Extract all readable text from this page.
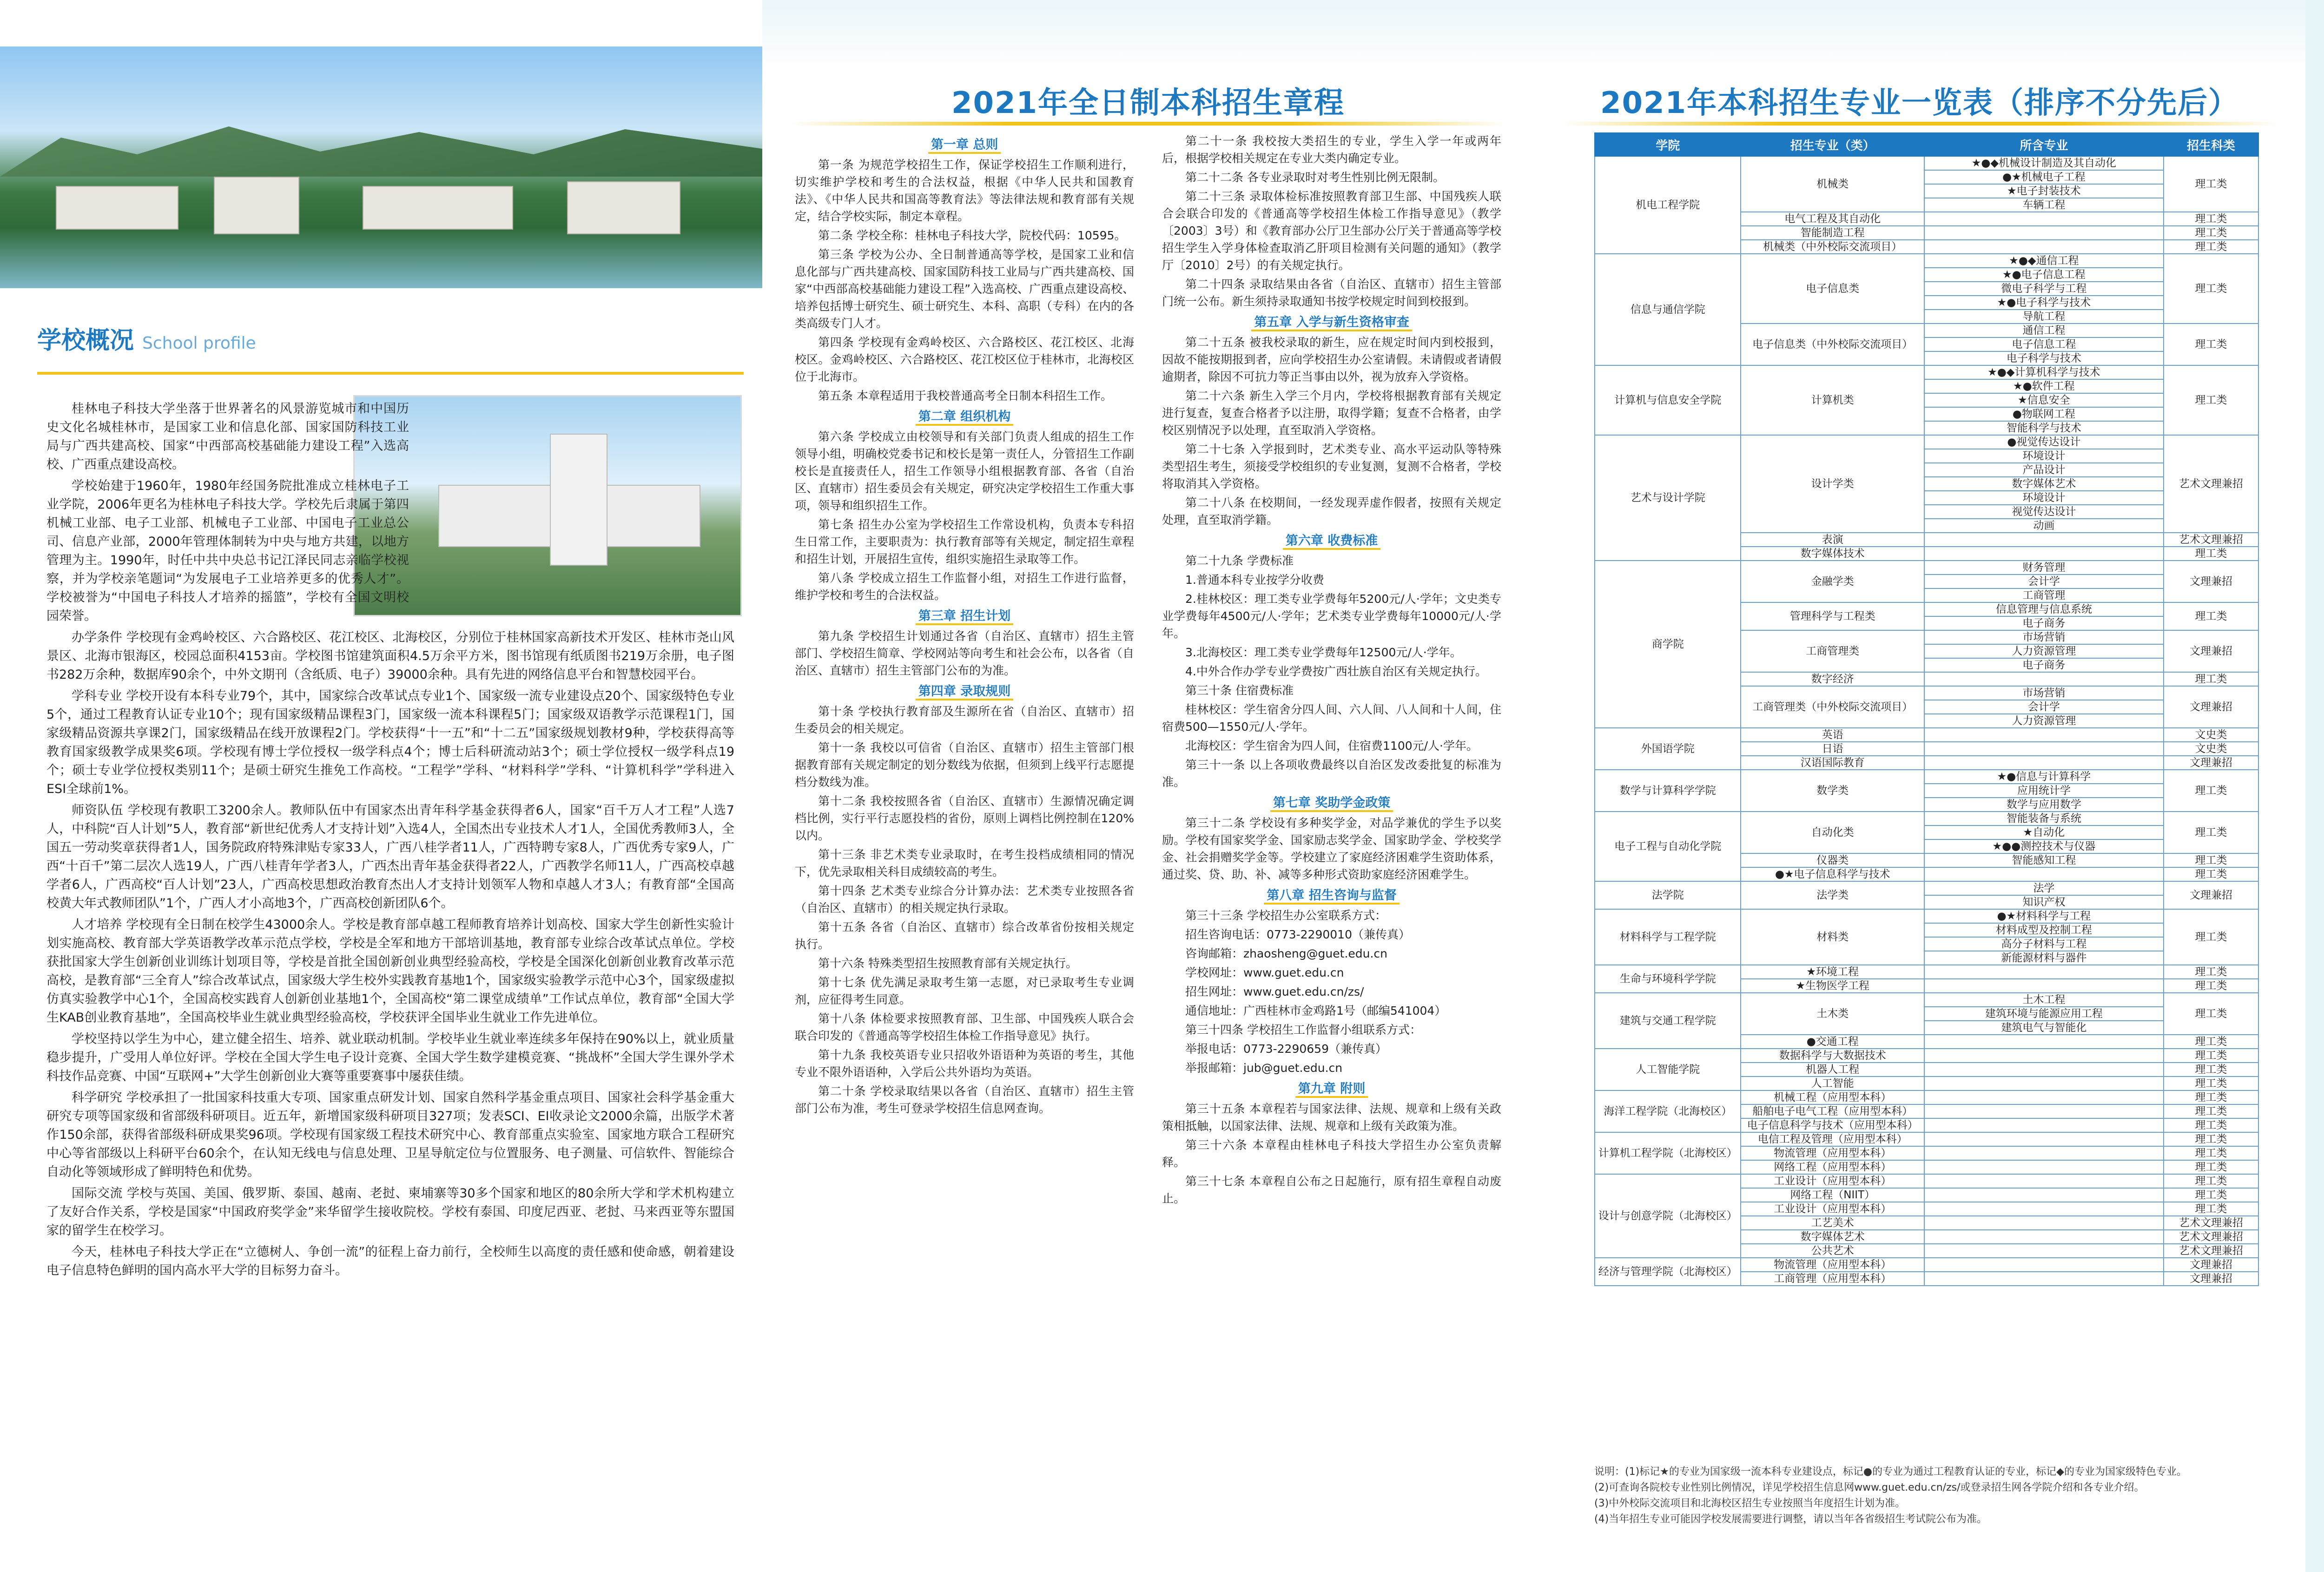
学校概况 School profile

桂林电子科技大学坐落于世界著名的风景游览城市和中国历史文化名城桂林市，是国家工业和信息化部、国家国防科技工业局与广西共建高校、国家“中西部高校基础能力建设工程”入选高校、广西重点建设高校。

学校始建于1960年，1980年经国务院批准成立桂林电子工业学院，2006年更名为桂林电子科技大学。学校先后隶属于第四机械工业部、电子工业部、机械电子工业部、中国电子工业总公司、信息产业部，2000年管理体制转为中央与地方共建，以地方管理为主。1990年，时任中共中央总书记江泽民同志亲临学校视察，并为学校亲笔题词“为发展电子工业培养更多的优秀人才”。学校被誉为“中国电子科技人才培养的摇篮”，学校有全国文明校园荣誉。

办学条件 学校现有金鸡岭校区、六合路校区、花江校区、北海校区，分别位于桂林国家高新技术开发区、桂林市尧山风景区、北海市银海区，校园总面积4153亩。学校图书馆建筑面积4.5万余平方米，图书馆现有纸质图书219万余册，电子图书282万余种，数据库90余个，中外文期刊（含纸质、电子）39000余种。具有先进的网络信息平台和智慧校园平台。

学科专业 学校开设有本科专业79个，其中，国家综合改革试点专业1个、国家级一流专业建设点20个、国家级特色专业5个，通过工程教育认证专业10个；现有国家级精品课程3门，国家级一流本科课程5门；国家级双语教学示范课程1门，国家级精品资源共享课2门，国家级精品在线开放课程2门。学校获得“十一五”和“十二五”国家级规划教材9种，学校获得高等教育国家级教学成果奖6项。学校现有博士学位授权一级学科点4个；博士后科研流动站3个；硕士学位授权一级学科点19个；硕士专业学位授权类别11个；是硕士研究生推免工作高校。“工程学”学科、“材料科学”学科、“计算机科学”学科进入ESI全球前1%。

师资队伍 学校现有教职工3200余人。教师队伍中有国家杰出青年科学基金获得者6人，国家“百千万人才工程”人选7人，中科院“百人计划”5人，教育部“新世纪优秀人才支持计划”入选4人，全国杰出专业技术人才1人，全国优秀教师3人，全国五一劳动奖章获得者1人，国务院政府特殊津贴专家33人，广西八桂学者11人，广西特聘专家8人，广西优秀专家9人，广西“十百千”第二层次人选19人，广西八桂青年学者3人，广西杰出青年基金获得者22人，广西教学名师11人，广西高校卓越学者6人，广西高校“百人计划”23人，广西高校思想政治教育杰出人才支持计划领军人物和卓越人才3人；有教育部“全国高校黄大年式教师团队”1个，广西人才小高地3个，广西高校创新团队6个。

人才培养 学校现有全日制在校学生43000余人。学校是教育部卓越工程师教育培养计划高校、国家大学生创新性实验计划实施高校、教育部大学英语教学改革示范点学校，学校是全军和地方干部培训基地，教育部专业综合改革试点单位。学校获批国家大学生创新创业训练计划项目等，学校是首批全国创新创业典型经验高校，学校是全国深化创新创业教育改革示范高校，是教育部“三全育人”综合改革试点，国家级大学生校外实践教育基地1个，国家级实验教学示范中心3个，国家级虚拟仿真实验教学中心1个，全国高校实践育人创新创业基地1个，全国高校“第二课堂成绩单”工作试点单位，教育部“全国大学生KAB创业教育基地”，全国高校毕业生就业典型经验高校，学校获评全国毕业生就业工作先进单位。

学校坚持以学生为中心，建立健全招生、培养、就业联动机制。学校毕业生就业率连续多年保持在90%以上，就业质量稳步提升，广受用人单位好评。学校在全国大学生电子设计竞赛、全国大学生数学建模竞赛、“挑战杯”全国大学生课外学术科技作品竞赛、中国“互联网+”大学生创新创业大赛等重要赛事中屡获佳绩。

科学研究 学校承担了一批国家科技重大专项、国家重点研发计划、国家自然科学基金重点项目、国家社会科学基金重大研究专项等国家级和省部级科研项目。近五年，新增国家级科研项目327项；发表SCI、EI收录论文2000余篇，出版学术著作150余部，获得省部级科研成果奖96项。学校现有国家级工程技术研究中心、教育部重点实验室、国家地方联合工程研究中心等省部级以上科研平台60余个，在认知无线电与信息处理、卫星导航定位与位置服务、电子测量、可信软件、智能综合自动化等领域形成了鲜明特色和优势。

国际交流 学校与英国、美国、俄罗斯、泰国、越南、老挝、柬埔寨等30多个国家和地区的80余所大学和学术机构建立了友好合作关系，学校是国家“中国政府奖学金”来华留学生接收院校。学校有泰国、印度尼西亚、老挝、马来西亚等东盟国家的留学生在校学习。

今天，桂林电子科技大学正在“立德树人、争创一流”的征程上奋力前行，全校师生以高度的责任感和使命感，朝着建设电子信息特色鲜明的国内高水平大学的目标努力奋斗。

2021年全日制本科招生章程
第一章 总则

第一条 为规范学校招生工作，保证学校招生工作顺利进行，切实维护学校和考生的合法权益，根据《中华人民共和国教育法》、《中华人民共和国高等教育法》等法律法规和教育部有关规定，结合学校实际，制定本章程。

第二条 学校全称：桂林电子科技大学，院校代码：10595。

第三条 学校为公办、全日制普通高等学校，是国家工业和信息化部与广西共建高校、国家国防科技工业局与广西共建高校、国家“中西部高校基础能力建设工程”入选高校、广西重点建设高校、培养包括博士研究生、硕士研究生、本科、高职（专科）在内的各类高级专门人才。

第四条 学校现有金鸡岭校区、六合路校区、花江校区、北海校区。金鸡岭校区、六合路校区、花江校区位于桂林市，北海校区位于北海市。

第五条 本章程适用于我校普通高考全日制本科招生工作。

第二章 组织机构

第六条 学校成立由校领导和有关部门负责人组成的招生工作领导小组，明确校党委书记和校长是第一责任人，分管招生工作副校长是直接责任人，招生工作领导小组根据教育部、各省（自治区、直辖市）招生委员会有关规定，研究决定学校招生工作重大事项，领导和组织招生工作。

第七条 招生办公室为学校招生工作常设机构，负责本专科招生日常工作，主要职责为：执行教育部等有关规定，制定招生章程和招生计划，开展招生宣传，组织实施招生录取等工作。

第八条 学校成立招生工作监督小组，对招生工作进行监督，维护学校和考生的合法权益。

第三章 招生计划

第九条 学校招生计划通过各省（自治区、直辖市）招生主管部门、学校招生简章、学校网站等向考生和社会公布，以各省（自治区、直辖市）招生主管部门公布的为准。

第四章 录取规则

第十条 学校执行教育部及生源所在省（自治区、直辖市）招生委员会的相关规定。

第十一条 我校以可信省（自治区、直辖市）招生主管部门根据教育部有关规定制定的划分数线为依据，但须到上线平行志愿提档分数线为准。

第十二条 我校按照各省（自治区、直辖市）生源情况确定调档比例，实行平行志愿投档的省份，原则上调档比例控制在120%以内。

第十三条 非艺术类专业录取时，在考生投档成绩相同的情况下，优先录取相关科目成绩较高的考生。

第十四条 艺术类专业综合分计算办法：艺术类专业按照各省（自治区、直辖市）的相关规定执行录取。

第十五条 各省（自治区、直辖市）综合改革省份按相关规定执行。

第十六条 特殊类型招生按照教育部有关规定执行。

第十七条 优先满足录取考生第一志愿，对已录取考生专业调剂，应征得考生同意。

第十八条 体检要求按照教育部、卫生部、中国残疾人联合会联合印发的《普通高等学校招生体检工作指导意见》执行。

第十九条 我校英语专业只招收外语语种为英语的考生，其他专业不限外语语种，入学后公共外语均为英语。

第二十条 学校录取结果以各省（自治区、直辖市）招生主管部门公布为准，考生可登录学校招生信息网查询。

第二十一条 我校按大类招生的专业，学生入学一年或两年后，根据学校相关规定在专业大类内确定专业。

第二十二条 各专业录取时对考生性别比例无限制。

第二十三条 录取体检标准按照教育部卫生部、中国残疾人联合会联合印发的《普通高等学校招生体检工作指导意见》（教学〔2003〕3号）和《教育部办公厅卫生部办公厅关于普通高等学校招生学生入学身体检查取消乙肝项目检测有关问题的通知》（教学厅〔2010〕2号）的有关规定执行。

第二十四条 录取结果由各省（自治区、直辖市）招生主管部门统一公布。新生须持录取通知书按学校规定时间到校报到。

第五章 入学与新生资格审查

第二十五条 被我校录取的新生，应在规定时间内到校报到，因故不能按期报到者，应向学校招生办公室请假。未请假或者请假逾期者，除因不可抗力等正当事由以外，视为放弃入学资格。

第二十六条 新生入学三个月内，学校将根据教育部有关规定进行复查，复查合格者予以注册，取得学籍；复查不合格者，由学校区别情况予以处理，直至取消入学资格。

第二十七条 入学报到时，艺术类专业、高水平运动队等特殊类型招生考生，须接受学校组织的专业复测，复测不合格者，学校将取消其入学资格。

第二十八条 在校期间，一经发现弄虚作假者，按照有关规定处理，直至取消学籍。

第六章 收费标准

第二十九条 学费标准

1.普通本科专业按学分收费

2.桂林校区：理工类专业学费每年5200元/人·学年；文史类专业学费每年4500元/人·学年；艺术类专业学费每年10000元/人·学年。

3.北海校区：理工类专业学费每年12500元/人·学年。

4.中外合作办学专业学费按广西壮族自治区有关规定执行。

第三十条 住宿费标准

桂林校区：学生宿舍分四人间、六人间、八人间和十人间，住宿费500—1550元/人·学年。

北海校区：学生宿舍为四人间，住宿费1100元/人·学年。

第三十一条 以上各项收费最终以自治区发改委批复的标准为准。

第七章 奖助学金政策

第三十二条 学校设有多种奖学金，对品学兼优的学生予以奖励。学校有国家奖学金、国家励志奖学金、国家助学金、学校奖学金、社会捐赠奖学金等。学校建立了家庭经济困难学生资助体系，通过奖、贷、助、补、减等多种形式资助家庭经济困难学生。

第八章 招生咨询与监督

第三十三条 学校招生办公室联系方式：

招生咨询电话：0773-2290010（兼传真）

咨询邮箱：zhaosheng@guet.edu.cn

学校网址：www.guet.edu.cn

招生网址：www.guet.edu.cn/zs/

通信地址：广西桂林市金鸡路1号（邮编541004）

第三十四条 学校招生工作监督小组联系方式：

举报电话：0773-2290659（兼传真）

举报邮箱：jub@guet.edu.cn

第九章 附则

第三十五条 本章程若与国家法律、法规、规章和上级有关政策相抵触，以国家法律、法规、规章和上级有关政策为准。

第三十六条 本章程由桂林电子科技大学招生办公室负责解释。

第三十七条 本章程自公布之日起施行，原有招生章程自动废止。

2021年本科招生专业一览表（排序不分先后）
学院	招生专业（类）	所含专业	招生科类
机电工程学院	机械类	★●◆机械设计制造及其自动化	理工类
		●★机械电子工程	
		★电子封装技术	
		车辆工程	
	电气工程及其自动化		理工类
	智能制造工程		理工类
	机械类（中外校际交流项目）		理工类
信息与通信学院	电子信息类	★●◆通信工程	理工类
		★●电子信息工程	
		微电子科学与工程	
		★●电子科学与技术	
		导航工程	
	电子信息类（中外校际交流项目）	通信工程	理工类
		电子信息工程	
		电子科学与技术	
计算机与信息安全学院	计算机类	★●◆计算机科学与技术	理工类
		★●软件工程	
		★信息安全	
		●物联网工程	
		智能科学与技术	
艺术与设计学院	设计学类	●视觉传达设计	艺术文理兼招
		环境设计	
		产品设计	
		数字媒体艺术	
		环境设计	
		视觉传达设计	
		动画	
	表演		艺术文理兼招
	数字媒体技术		理工类
商学院	金融学类	财务管理	文理兼招
		会计学	
		工商管理	
	管理科学与工程类	信息管理与信息系统	理工类
		电子商务	
	工商管理类	市场营销	文理兼招
		人力资源管理	
		电子商务	
	数字经济		理工类
	工商管理类（中外校际交流项目）	市场营销	文理兼招
		会计学	
		人力资源管理	
外国语学院	英语		文史类
	日语		文史类
	汉语国际教育		文理兼招
数学与计算科学学院	数学类	★●信息与计算科学	理工类
		应用统计学	
		数学与应用数学	
电子工程与自动化学院	自动化类	智能装备与系统	理工类
		★自动化	
		★●●测控技术与仪器	
	仪器类	智能感知工程	理工类
	●★电子信息科学与技术		理工类
法学院	法学类	法学	文理兼招
		知识产权	
材料科学与工程学院	材料类	●★材料科学与工程	理工类
		材料成型及控制工程	
		高分子材料与工程	
		新能源材料与器件	
生命与环境科学学院	★环境工程		理工类
	★生物医学工程		理工类
建筑与交通工程学院	土木类	土木工程	理工类
		建筑环境与能源应用工程	
		建筑电气与智能化	
	●交通工程		理工类
人工智能学院	数据科学与大数据技术		理工类
	机器人工程		理工类
	人工智能		理工类
海洋工程学院（北海校区）	机械工程（应用型本科）		理工类
	船舶电子电气工程（应用型本科）		理工类
	电子信息科学与技术（应用型本科）		理工类
计算机工程学院（北海校区）	电信工程及管理（应用型本科）		理工类
	物流管理（应用型本科）		理工类
	网络工程（应用型本科）		理工类
设计与创意学院（北海校区）	工业设计（应用型本科）		理工类
	网络工程（NIIT）		理工类
	工业设计（应用型本科）		理工类
	工艺美术		艺术文理兼招
	数字媒体艺术		艺术文理兼招
	公共艺术		艺术文理兼招
经济与管理学院（北海校区）	物流管理（应用型本科）		文理兼招
	工商管理（应用型本科）		文理兼招
说明：(1)标记★的专业为国家级一流本科专业建设点，标记●的专业为通过工程教育认证的专业，标记◆的专业为国家级特色专业。
(2)可查询各院校专业性别比例情况，详见学校招生信息网www.guet.edu.cn/zs/或登录招生网各学院介绍和各专业介绍。
(3)中外校际交流项目和北海校区招生专业按照当年度招生计划为准。
(4)当年招生专业可能因学校发展需要进行调整，请以当年各省级招生考试院公布为准。
